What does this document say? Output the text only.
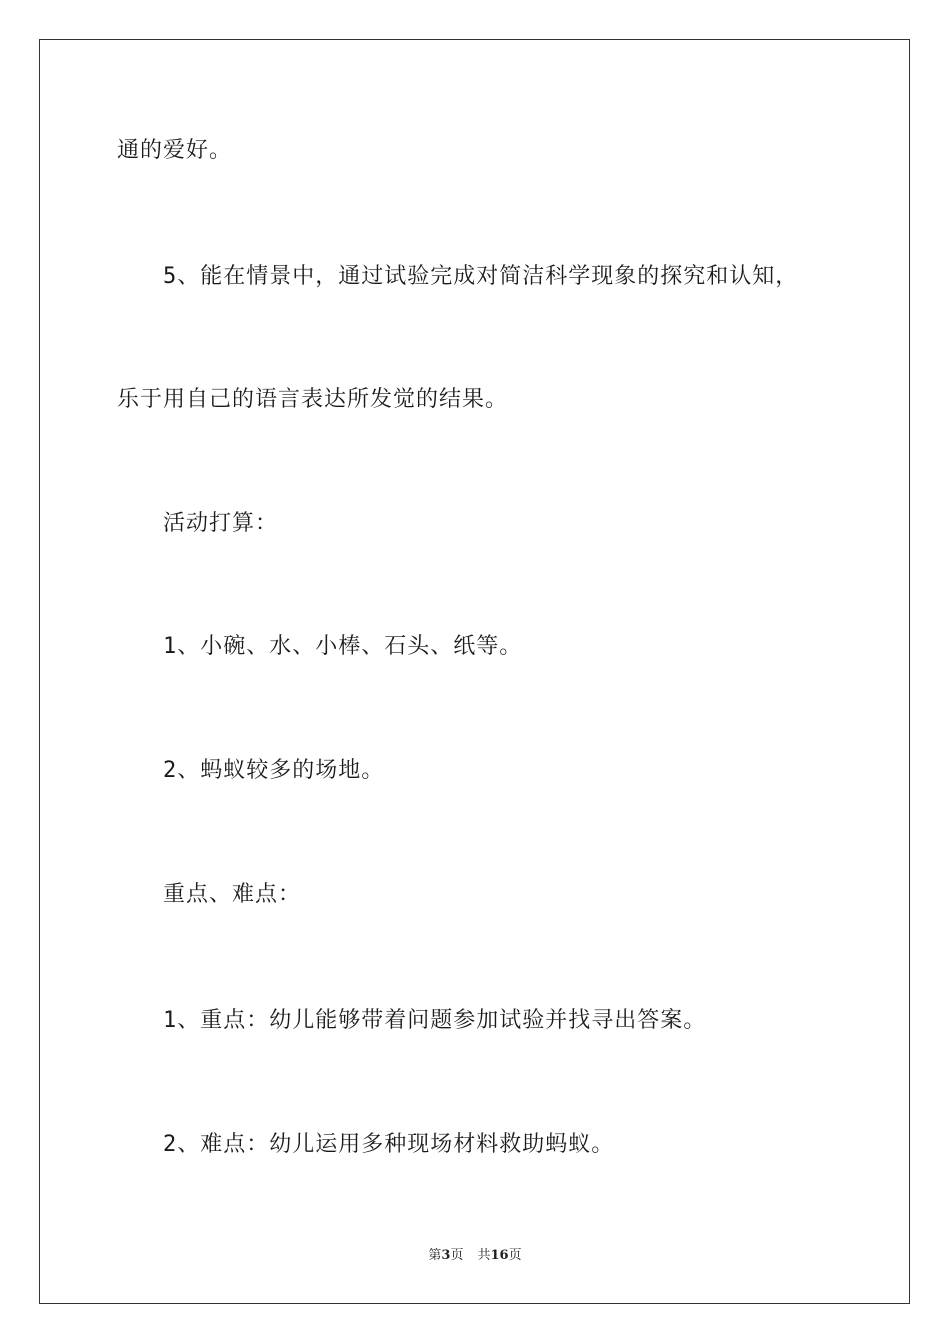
通的爱好。
5、能在情景中，通过试验完成对简洁科学现象的探究和认知，
乐于用自己的语言表达所发觉的结果。
活动打算：
1、小碗、水、小棒、石头、纸等。
2、蚂蚁较多的场地。
重点、难点：
1、重点：幼儿能够带着问题参加试验并找寻出答案。
2、难点：幼儿运用多种现场材料救助蚂蚁。
第3页 共16页
